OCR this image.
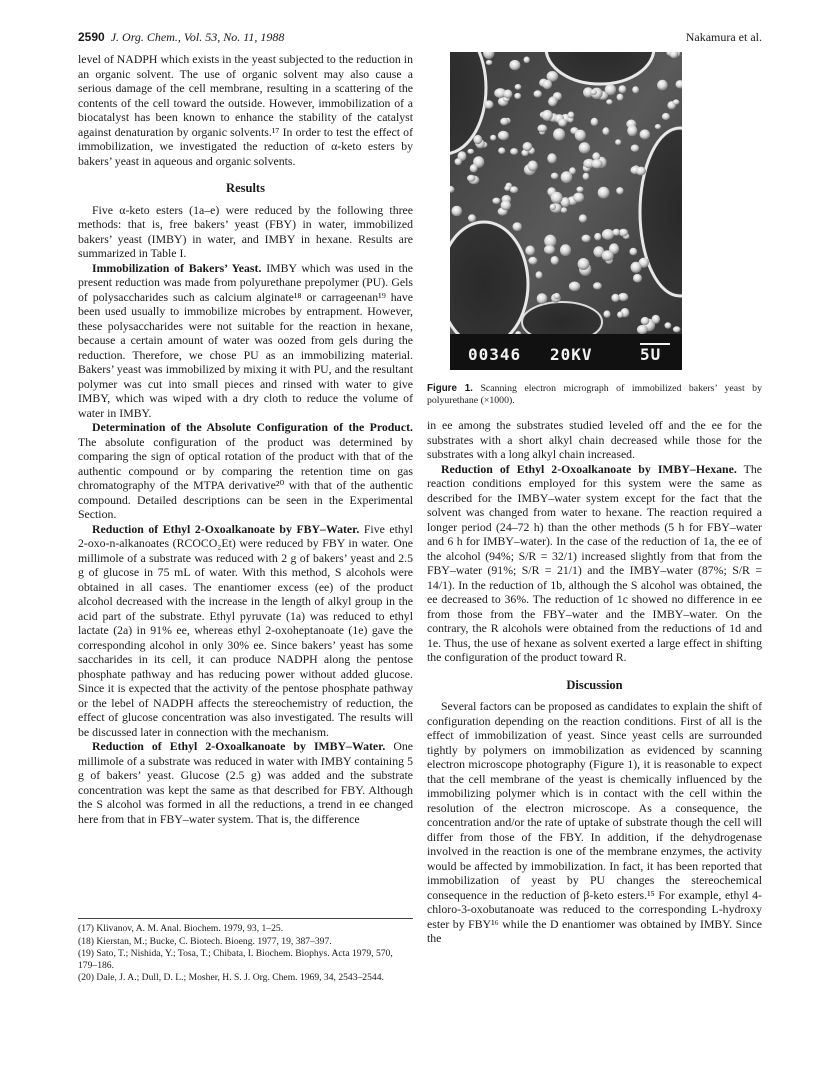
2590 J. Org. Chem., Vol. 53, No. 11, 1988	Nakamura et al.

level of NADPH which exists in the yeast subjected to the reduction in an organic solvent. The use of organic solvent may also cause a serious damage of the cell membrane, resulting in a scattering of the contents of the cell toward the outside. However, immobilization of a biocatalyst has been known to enhance the stability of the catalyst against denaturation by organic solvents.¹⁷ In order to test the effect of immobilization, we investigated the reduction of α-keto esters by bakers’ yeast in aqueous and organic solvents.

Results

Five α-keto esters (1a–e) were reduced by the following three methods: that is, free bakers’ yeast (FBY) in water, immobilized bakers’ yeast (IMBY) in water, and IMBY in hexane. Results are summarized in Table I.

Immobilization of Bakers’ Yeast. IMBY which was used in the present reduction was made from polyurethane prepolymer (PU). Gels of polysaccharides such as calcium alginate¹⁸ or carrageenan¹⁹ have been used usually to immobilize microbes by entrapment. However, these polysaccharides were not suitable for the reaction in hexane, because a certain amount of water was oozed from gels during the reduction. Therefore, we chose PU as an immobilizing material. Bakers’ yeast was immobilized by mixing it with PU, and the resultant polymer was cut into small pieces and rinsed with water to give IMBY, which was wiped with a dry cloth to reduce the volume of water in IMBY.

Determination of the Absolute Configuration of the Product. The absolute configuration of the product was determined by comparing the sign of optical rotation of the product with that of the authentic compound or by comparing the retention time on gas chromatography of the MTPA derivative²⁰ with that of the authentic compound. Detailed descriptions can be seen in the Experimental Section.

Reduction of Ethyl 2-Oxoalkanoate by FBY–Water. Five ethyl 2-oxo-n-alkanoates (RCOCO₂Et) were reduced by FBY in water. One millimole of a substrate was reduced with 2 g of bakers’ yeast and 2.5 g of glucose in 75 mL of water. With this method, S alcohols were obtained in all cases. The enantiomer excess (ee) of the product alcohol decreased with the increase in the length of alkyl group in the acid part of the substrate. Ethyl pyruvate (1a) was reduced to ethyl lactate (2a) in 91% ee, whereas ethyl 2-oxoheptanoate (1e) gave the corresponding alcohol in only 30% ee. Since bakers’ yeast has some saccharides in its cell, it can produce NADPH along the pentose phosphate pathway and has reducing power without added glucose. Since it is expected that the activity of the pentose phosphate pathway or the lebel of NADPH affects the stereochemistry of reduction, the effect of glucose concentration was also investigated. The results will be discussed later in connection with the mechanism.

Reduction of Ethyl 2-Oxoalkanoate by IMBY–Water. One millimole of a substrate was reduced in water with IMBY containing 5 g of bakers’ yeast. Glucose (2.5 g) was added and the substrate concentration was kept the same as that described for FBY. Although the S alcohol was formed in all the reductions, a trend in ee changed here from that in FBY–water system. That is, the difference

(17) Klivanov, A. M. Anal. Biochem. 1979, 93, 1–25.

(18) Kierstan, M.; Bucke, C. Biotech. Bioeng. 1977, 19, 387–397.

(19) Sato, T.; Nishida, Y.; Tosa, T.; Chibata, I. Biochem. Biophys. Acta 1979, 570, 179–186.

(20) Dale, J. A.; Dull, D. L.; Mosher, H. S. J. Org. Chem. 1969, 34, 2543–2544.

00346 20KV	5U

Figure 1. Scanning electron micrograph of immobilized bakers’ yeast by polyurethane (×1000).

in ee among the substrates studied leveled off and the ee for the substrates with a short alkyl chain decreased while those for the substrates with a long alkyl chain increased.

Reduction of Ethyl 2-Oxoalkanoate by IMBY–Hexane. The reaction conditions employed for this system were the same as described for the IMBY–water system except for the fact that the solvent was changed from water to hexane. The reaction required a longer period (24–72 h) than the other methods (5 h for FBY–water and 6 h for IMBY–water). In the case of the reduction of 1a, the ee of the alcohol (94%; S/R = 32/1) increased slightly from that from the FBY–water (91%; S/R = 21/1) and the IMBY–water (87%; S/R = 14/1). In the reduction of 1b, although the S alcohol was obtained, the ee decreased to 36%. The reduction of 1c showed no difference in ee from those from the FBY–water and the IMBY–water. On the contrary, the R alcohols were obtained from the reductions of 1d and 1e. Thus, the use of hexane as solvent exerted a large effect in shifting the configuration of the product toward R.

Discussion

Several factors can be proposed as candidates to explain the shift of configuration depending on the reaction conditions. First of all is the effect of immobilization of yeast. Since yeast cells are surrounded tightly by polymers on immobilization as evidenced by scanning electron microscope photography (Figure 1), it is reasonable to expect that the cell membrane of the yeast is chemically influenced by the immobilizing polymer which is in contact with the cell within the resolution of the electron microscope. As a consequence, the concentration and/or the rate of uptake of substrate though the cell will differ from those of the FBY. In addition, if the dehydrogenase involved in the reaction is one of the membrane enzymes, the activity would be affected by immobilization. In fact, it has been reported that immobilization of yeast by PU changes the stereochemical consequence in the reduction of β-keto esters.¹⁵ For example, ethyl 4-chloro-3-oxobutanoate was reduced to the corresponding L-hydroxy ester by FBY¹⁶ while the D enantiomer was obtained by IMBY. Since the
